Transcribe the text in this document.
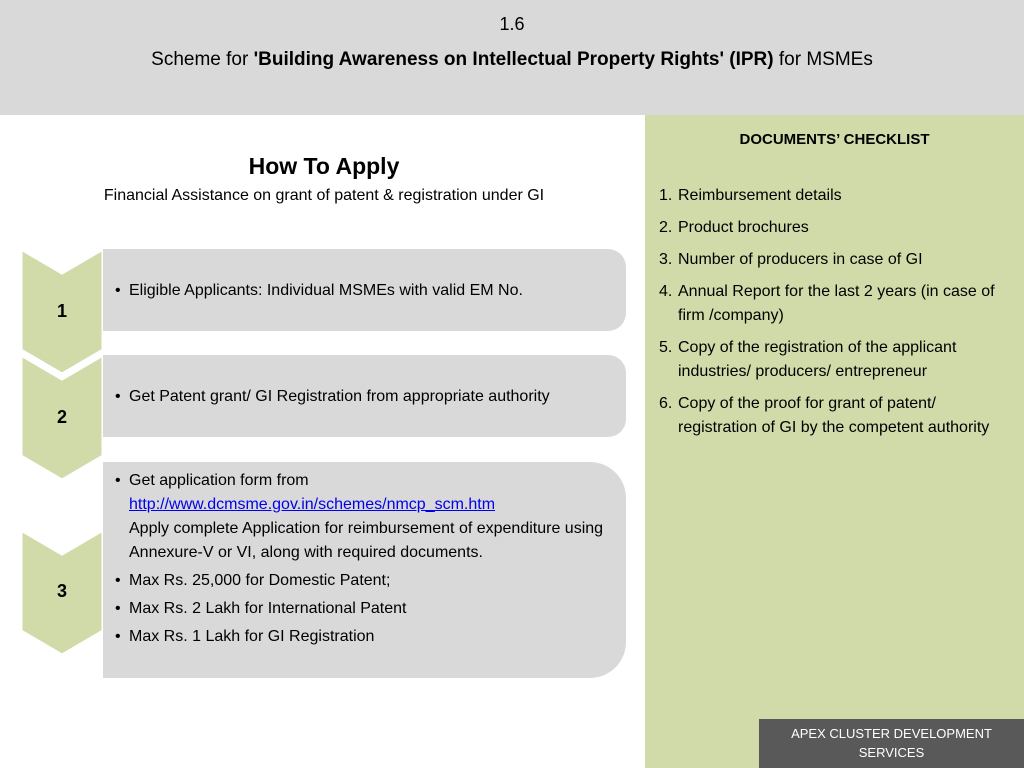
1.6
Scheme for 'Building Awareness on Intellectual Property Rights' (IPR) for MSMEs
How To Apply
Financial Assistance on grant of patent & registration under GI
1
• Eligible Applicants: Individual MSMEs with valid EM No.
2
• Get Patent grant/ GI Registration from appropriate authority
3
• Get application form from
http://www.dcmsme.gov.in/schemes/nmcp_scm.htm
Apply complete Application for reimbursement of expenditure using Annexure-V or VI, along with required documents.
• Max Rs. 25,000 for Domestic Patent;
• Max Rs. 2 Lakh for International Patent
• Max Rs. 1 Lakh for GI Registration
DOCUMENTS’ CHECKLIST
1. Reimbursement details
2. Product brochures
3. Number of producers in case of GI
4. Annual Report for the last 2 years (in case of firm /company)
5. Copy of the registration of the applicant industries/ producers/ entrepreneur
6. Copy of the proof for grant of patent/ registration of GI by the competent authority
APEX CLUSTER DEVELOPMENT SERVICES
